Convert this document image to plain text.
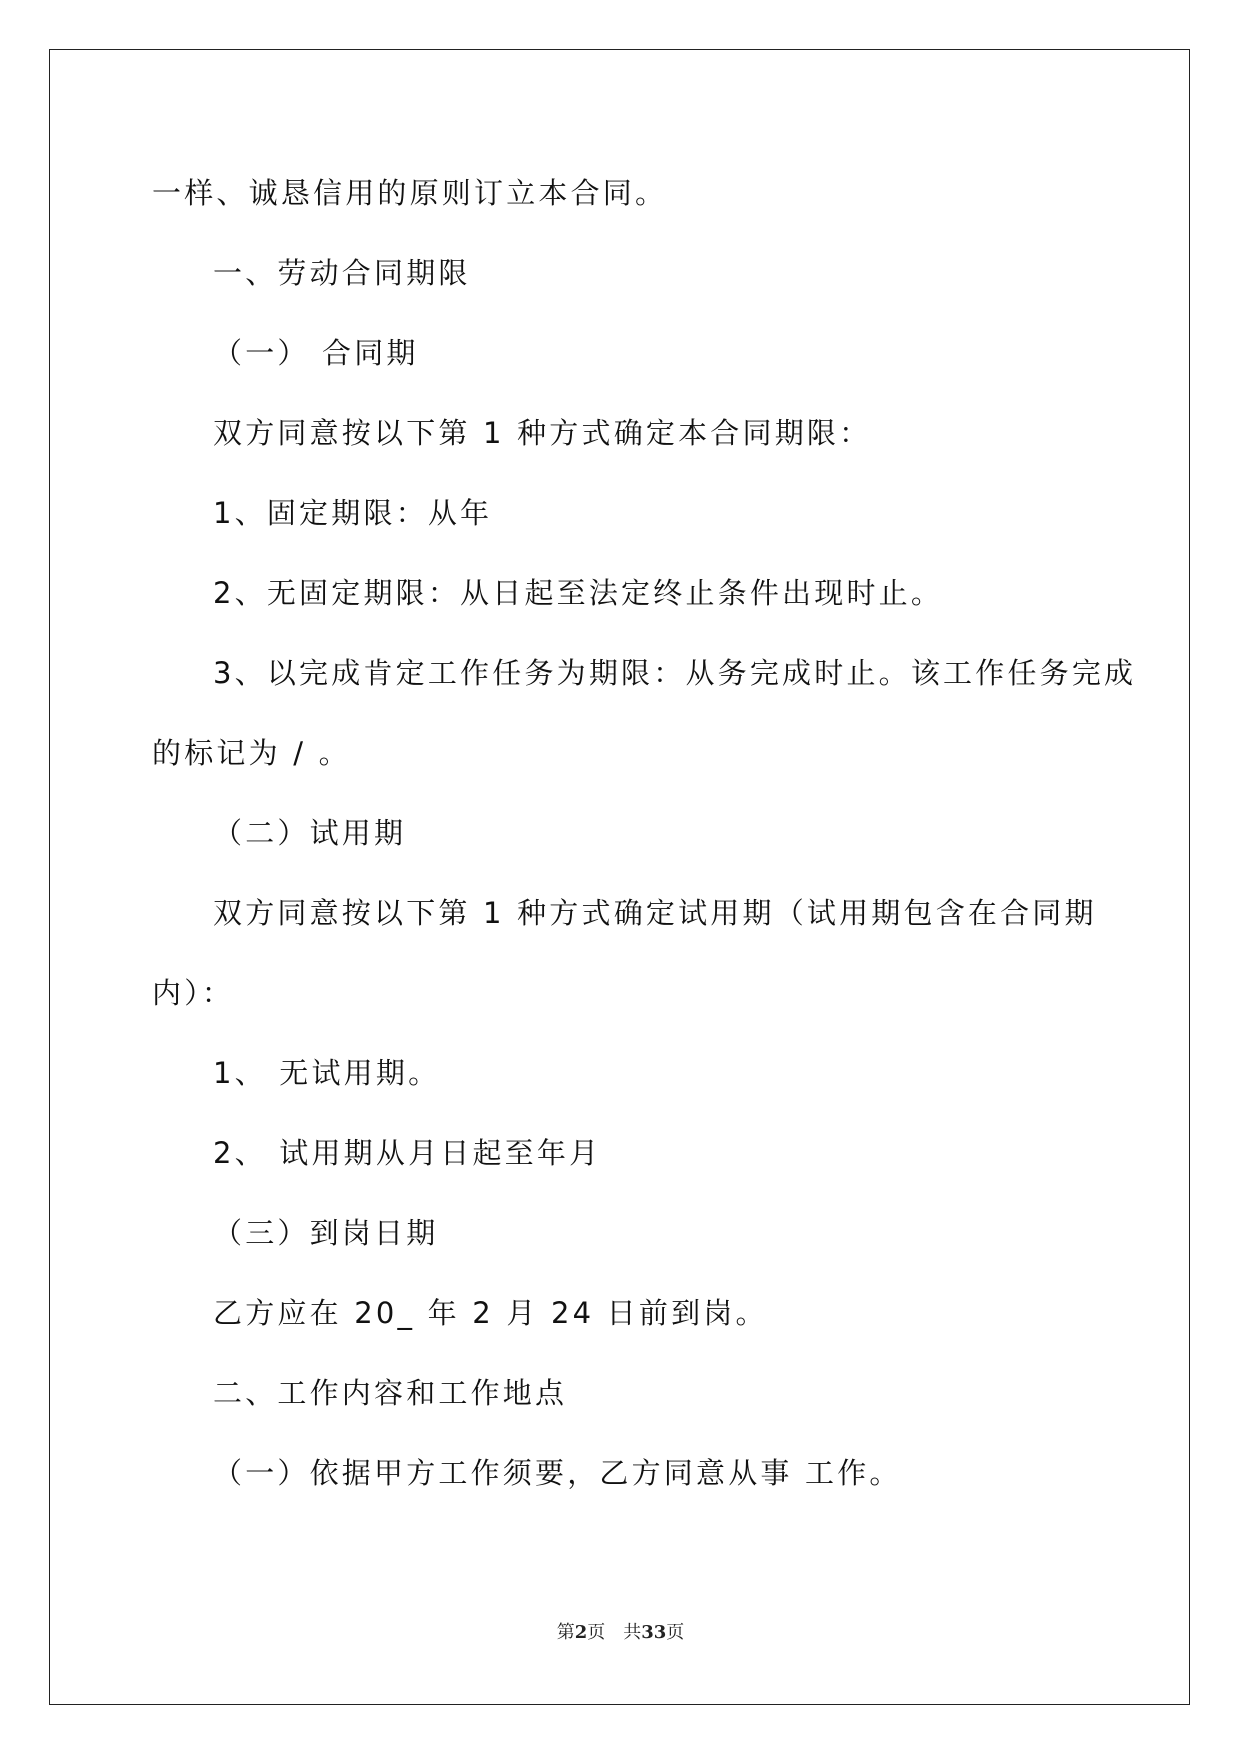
一样、诚恳信用的原则订立本合同。

一、劳动合同期限

（一） 合同期

双方同意按以下第 1 种方式确定本合同期限：

1、固定期限：从年

2、无固定期限：从日起至法定终止条件出现时止。

3、以完成肯定工作任务为期限：从务完成时止。该工作任务完成

的标记为 / 。

（二）试用期

双方同意按以下第 1 种方式确定试用期（试用期包含在合同期

内）：

1、 无试用期。

2、 试用期从月日起至年月

（三）到岗日期

乙方应在 20_ 年 2 月 24 日前到岗。

二、工作内容和工作地点

（一）依据甲方工作须要，乙方同意从事 工作。

第2页 共33页
